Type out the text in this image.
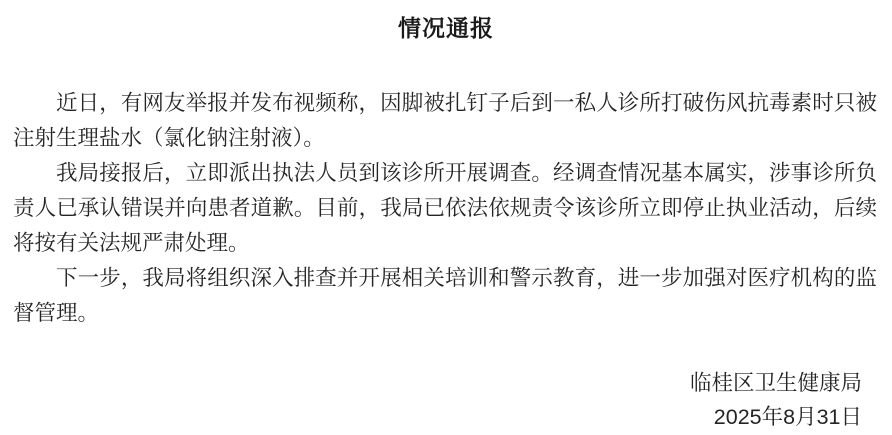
情况通报

近日，有网友举报并发布视频称，因脚被扎钉子后到一私人诊所打破伤风抗毒素时只被注射生理盐水（氯化钠注射液）。

我局接报后，立即派出执法人员到该诊所开展调查。经调查情况基本属实，涉事诊所负责人已承认错误并向患者道歉。目前，我局已依法依规责令该诊所立即停止执业活动，后续将按有关法规严肃处理。

下一步，我局将组织深入排查并开展相关培训和警示教育，进一步加强对医疗机构的监督管理。

临桂区卫生健康局
2025年8月31日
